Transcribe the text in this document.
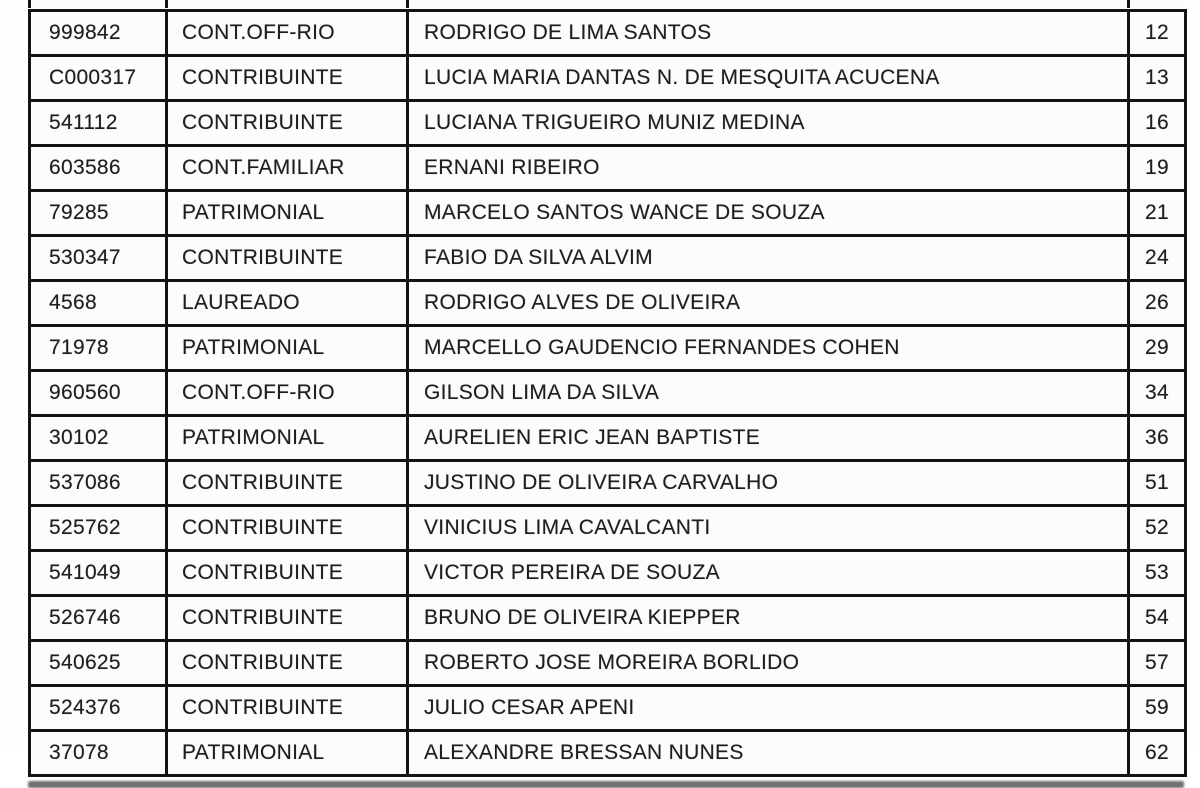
999842	CONT.OFF-RIO	RODRIGO DE LIMA SANTOS	12
C000317	CONTRIBUINTE	LUCIA MARIA DANTAS N. DE MESQUITA ACUCENA	13
541112	CONTRIBUINTE	LUCIANA TRIGUEIRO MUNIZ MEDINA	16
603586	CONT.FAMILIAR	ERNANI RIBEIRO	19
79285	PATRIMONIAL	MARCELO SANTOS WANCE DE SOUZA	21
530347	CONTRIBUINTE	FABIO DA SILVA ALVIM	24
4568	LAUREADO	RODRIGO ALVES DE OLIVEIRA	26
71978	PATRIMONIAL	MARCELLO GAUDENCIO FERNANDES COHEN	29
960560	CONT.OFF-RIO	GILSON LIMA DA SILVA	34
30102	PATRIMONIAL	AURELIEN ERIC JEAN BAPTISTE	36
537086	CONTRIBUINTE	JUSTINO DE OLIVEIRA CARVALHO	51
525762	CONTRIBUINTE	VINICIUS LIMA CAVALCANTI	52
541049	CONTRIBUINTE	VICTOR PEREIRA DE SOUZA	53
526746	CONTRIBUINTE	BRUNO DE OLIVEIRA KIEPPER	54
540625	CONTRIBUINTE	ROBERTO JOSE MOREIRA BORLIDO	57
524376	CONTRIBUINTE	JULIO CESAR APENI	59
37078	PATRIMONIAL	ALEXANDRE BRESSAN NUNES	62
